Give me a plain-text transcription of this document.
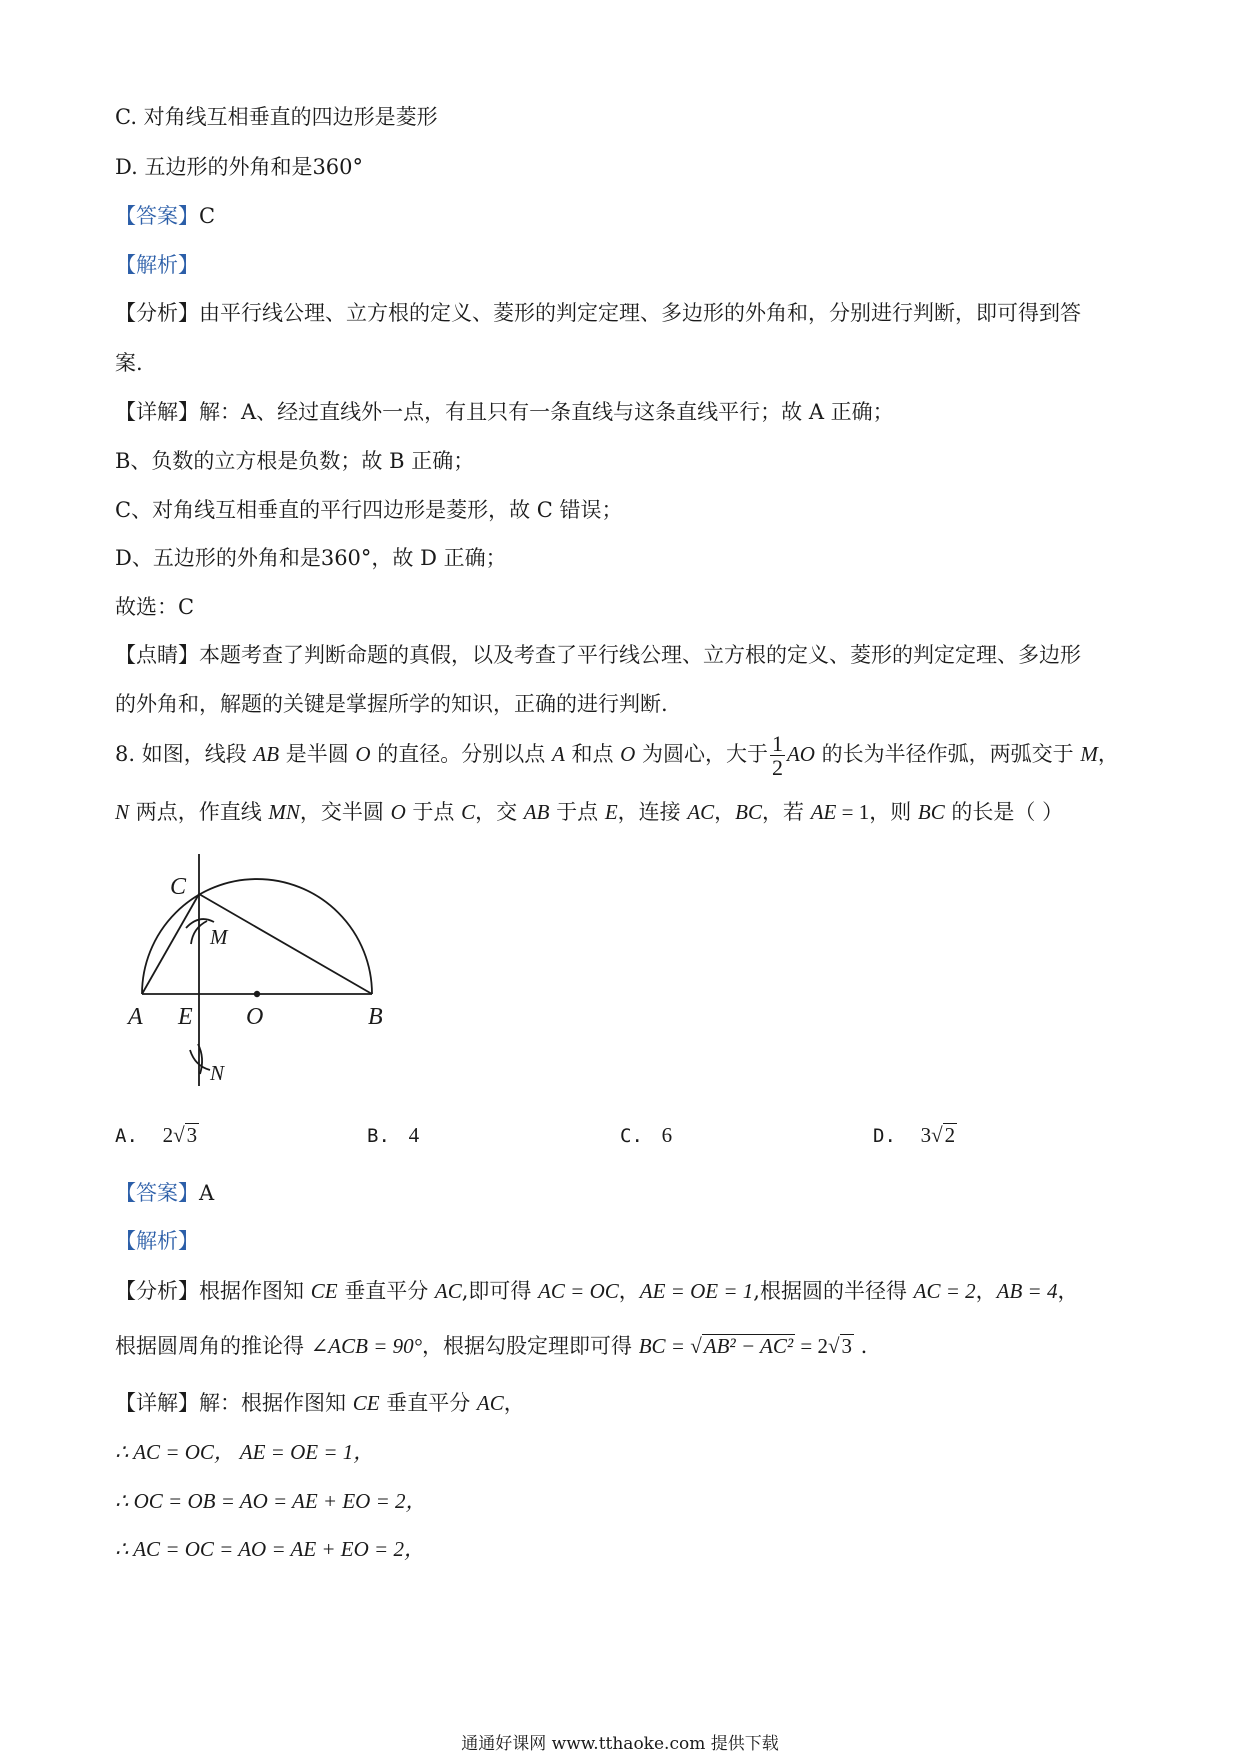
C. 对角线互相垂直的四边形是菱形
D. 五边形的外角和是360°
【答案】C
【解析】
【分析】由平行线公理、立方根的定义、菱形的判定定理、多边形的外角和，分别进行判断，即可得到答
案.
【详解】解：A、经过直线外一点，有且只有一条直线与这条直线平行；故 A 正确；
B、负数的立方根是负数；故 B 正确；
C、对角线互相垂直的平行四边形是菱形，故 C 错误；
D、五边形的外角和是360°，故 D 正确；
故选：C
【点睛】本题考查了判断命题的真假，以及考查了平行线公理、立方根的定义、菱形的判定定理、多边形
的外角和，解题的关键是掌握所学的知识，正确的进行判断.
8. 如图，线段 AB 是半圆 O 的直径。分别以点 A 和点 O 为圆心，大于 $\frac{1}{2}$ AO 的长为半径作弧，两弧交于 M，
N 两点，作直线 MN，交半圆 O 于点 C，交 AB 于点 E，连接 AC，BC，若 AE = 1，则 BC 的长是（ ）
C
M
A E O	B
N
A. 2√3	B. 4	C. 6	D. 3√2
【答案】A
【解析】
【分析】根据作图知 CE 垂直平分 AC,即可得 AC = OC，AE = OE = 1,根据圆的半径得 AC = 2，AB = 4，
根据圆周角的推论得 ∠ACB = 90°，根据勾股定理即可得 BC = √AB² − AC² = 2√3 .
【详解】解：根据作图知 CE 垂直平分 AC，
∴ AC = OC， AE = OE = 1，
∴ OC = OB = AO = AE + EO = 2，
∴ AC = OC = AO = AE + EO = 2，
通通好课网 www.tthaoke.com 提供下载
